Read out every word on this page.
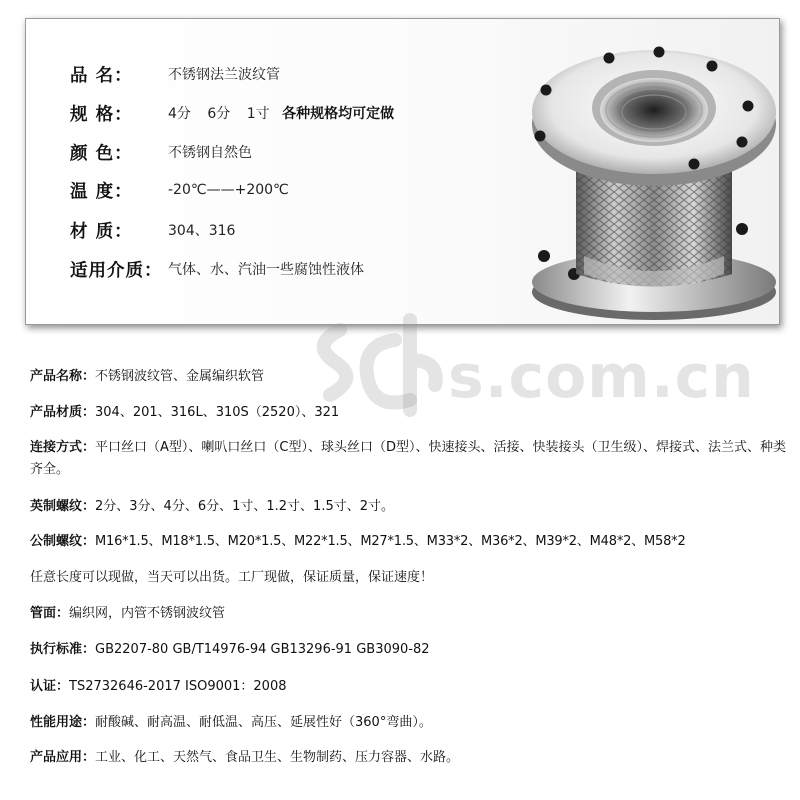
品 名：	不锈钢法兰波纹管
规 格：	4分 6分 1寸 各种规格均可定做
颜 色：	不锈钢自然色
温 度：	-20℃——+200℃
材 质：	304、316
适用介质： 气体、水、汽油一些腐蚀性液体
s.com.cn
产品名称：不锈钢波纹管、金属编织软管
产品材质：304、201、316L、310S（2520）、321
连接方式：平口丝口（A型）、喇叭口丝口（C型）、球头丝口（D型）、快速接头、活接、快装接头（卫生级）、焊接式、法兰式、种类齐全。
英制螺纹：2分、3分、4分、6分、1寸、1.2寸、1.5寸、2寸。
公制螺纹：M16*1.5、M18*1.5、M20*1.5、M22*1.5、M27*1.5、M33*2、M36*2、M39*2、M48*2、M58*2
任意长度可以现做，当天可以出货。工厂现做，保证质量，保证速度！
管面：编织网，内管不锈钢波纹管
执行标准：GB2207-80 GB/T14976-94 GB13296-91 GB3090-82
认证：TS2732646-2017 ISO9001：2008
性能用途：耐酸碱、耐高温、耐低温、高压、延展性好（360°弯曲）。
产品应用：工业、化工、天然气、食品卫生、生物制药、压力容器、水路。
